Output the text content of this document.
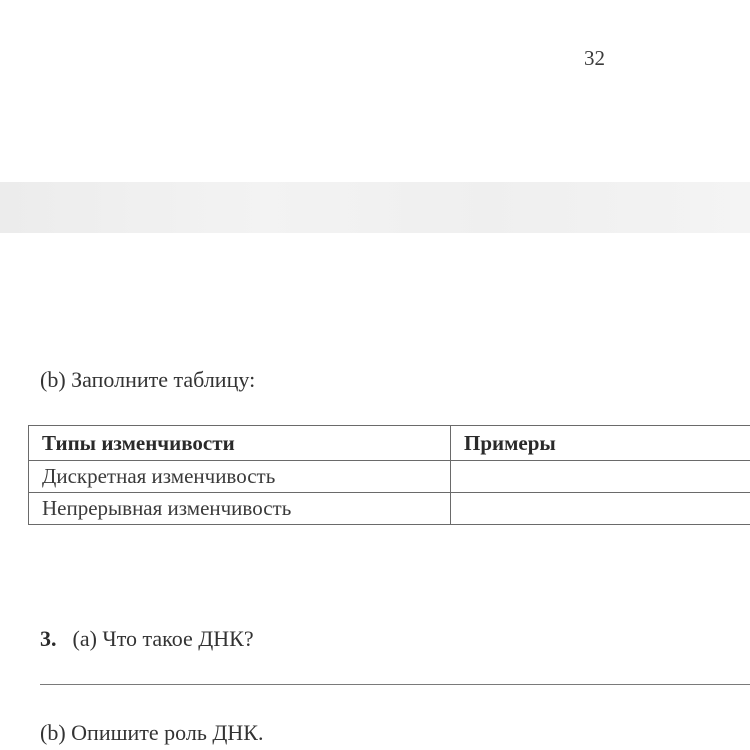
32
(b) Заполните таблицу:
Типы изменчивости	Примеры
Дискретная изменчивость	
Непрерывная изменчивость	
3. (a) Что такое ДНК?
(b) Опишите роль ДНК.
